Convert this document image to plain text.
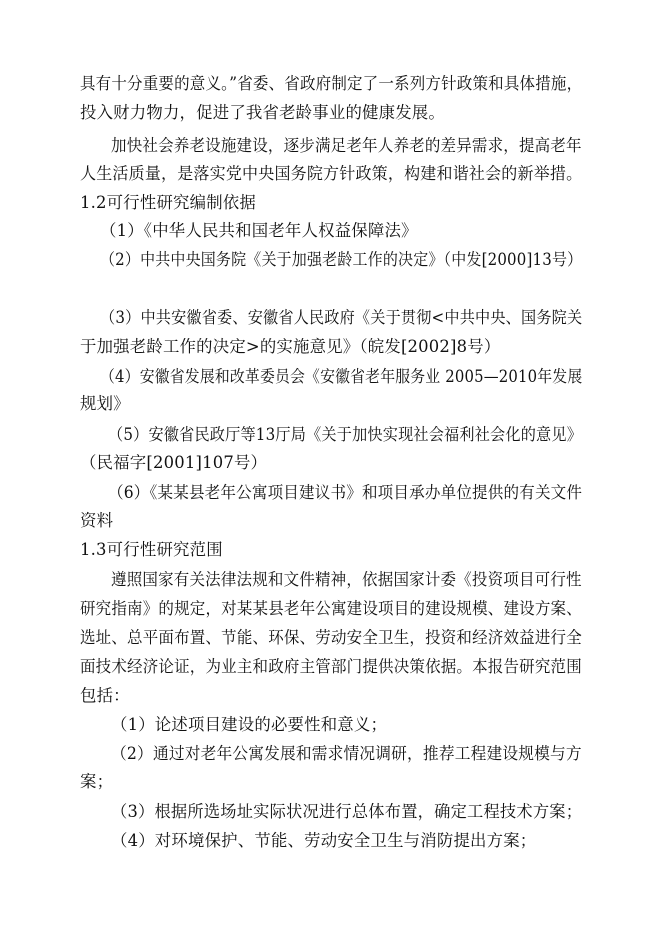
具有十分重要的意义。”省委、省政府制定了一系列方针政策和具体措施，
投入财力物力，促进了我省老龄事业的健康发展。
加快社会养老设施建设，逐步满足老年人养老的差异需求，提高老年
人生活质量，是落实党中央国务院方针政策，构建和谐社会的新举措。
1.2可行性研究编制依据
（1）《中华人民共和国老年人权益保障法》
（2）中共中央国务院《关于加强老龄工作的决定》（中发[2000]13号）
（3）中共安徽省委、安徽省人民政府《关于贯彻<中共中央、国务院关
于加强老龄工作的决定>的实施意见》（皖发[2002]8号）
（4）安徽省发展和改革委员会《安徽省老年服务业 2005—2010年发展
规划》
（5）安徽省民政厅等13厅局《关于加快实现社会福利社会化的意见》
（民福字[2001]107号）
（6）《某某县老年公寓项目建议书》和项目承办单位提供的有关文件
资料
1.3可行性研究范围
遵照国家有关法律法规和文件精神，依据国家计委《投资项目可行性
研究指南》的规定，对某某县老年公寓建设项目的建设规模、建设方案、
选址、总平面布置、节能、环保、劳动安全卫生，投资和经济效益进行全
面技术经济论证，为业主和政府主管部门提供决策依据。本报告研究范围
包括：
（1）论述项目建设的必要性和意义；
（2）通过对老年公寓发展和需求情况调研，推荐工程建设规模与方
案；
（3）根据所选场址实际状况进行总体布置，确定工程技术方案；
（4）对环境保护、节能、劳动安全卫生与消防提出方案；
